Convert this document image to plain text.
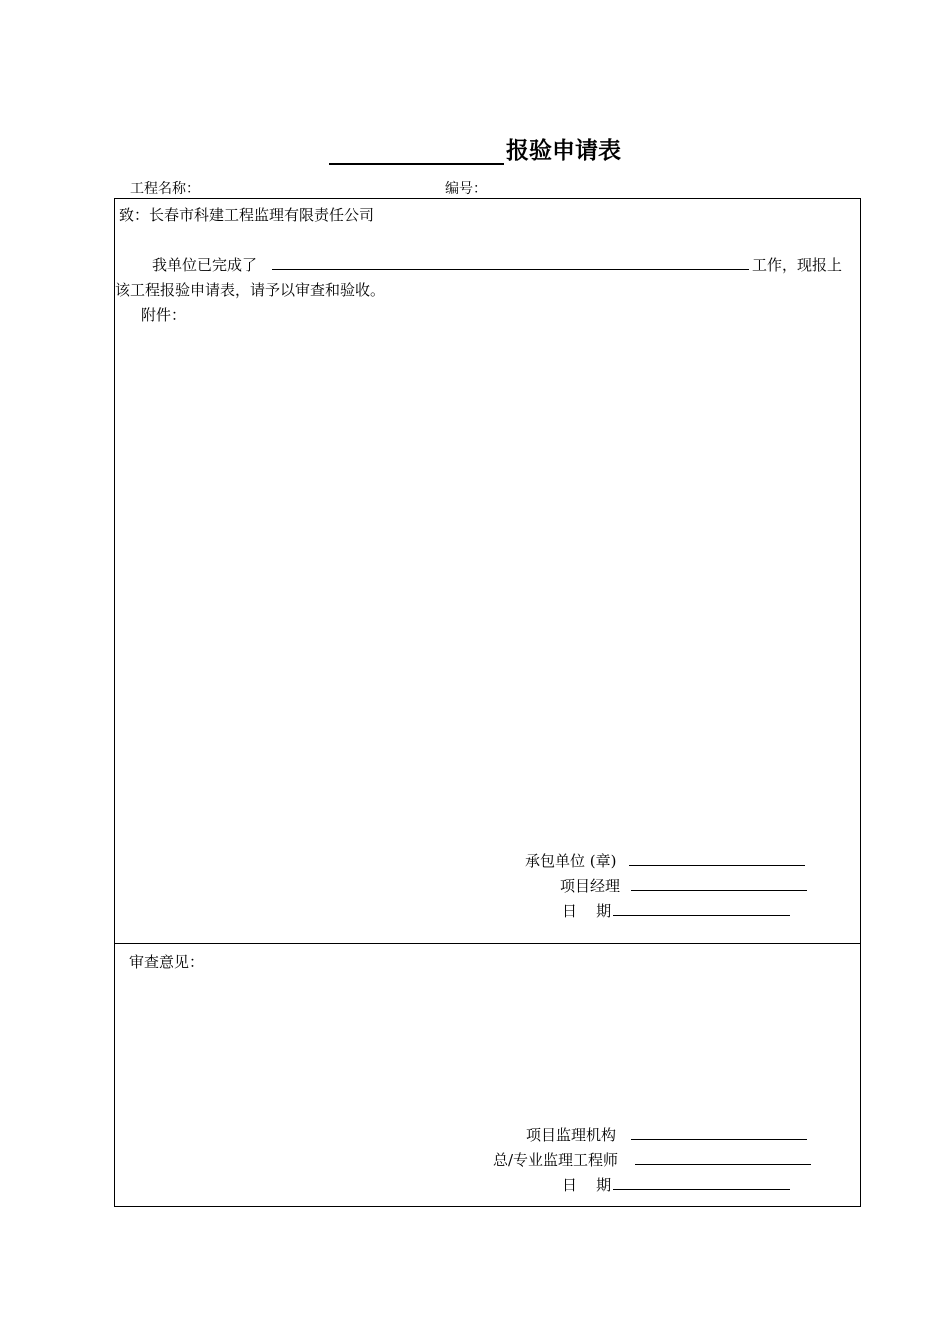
报验申请表
工程名称：	编号：
致：长春市科建工程监理有限责任公司
我单位已完成了	工作，现报上
该工程报验申请表，请予以审查和验收。
附件：
承包单位 (章)
项目经理
日    期
审查意见：
项目监理机构
总/专业监理工程师
日    期
